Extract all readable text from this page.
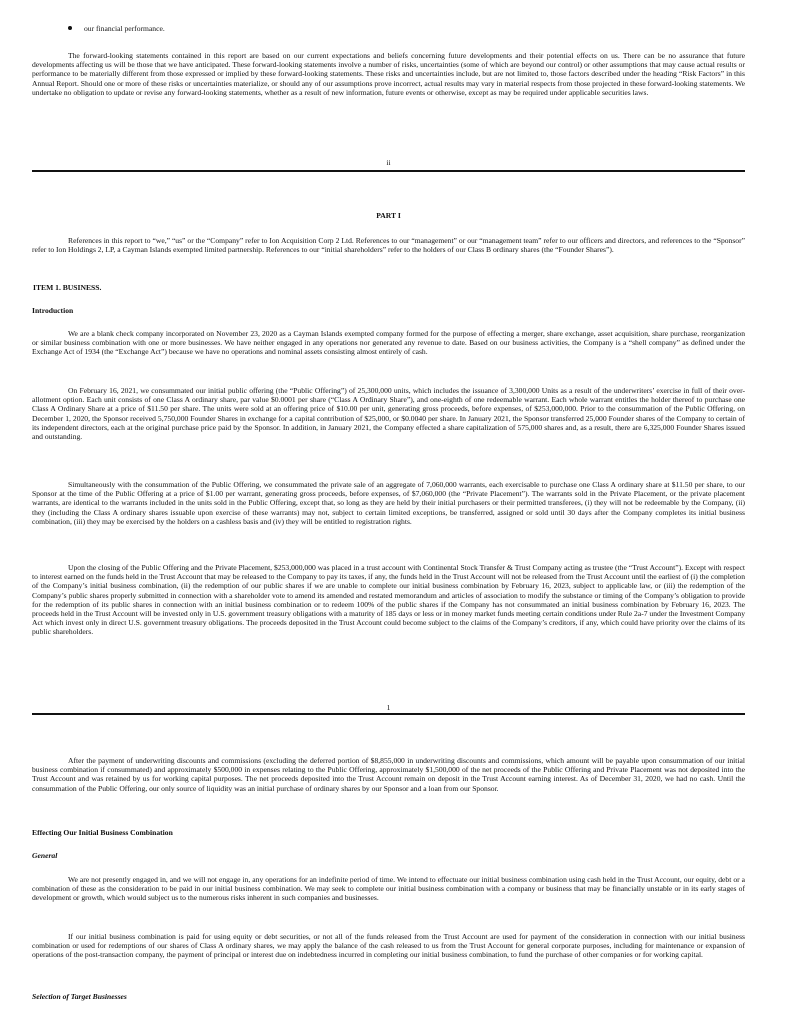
our financial performance.

The forward-looking statements contained in this report are based on our current expectations and beliefs concerning future developments and their potential effects on us. There can be no assurance that future developments affecting us will be those that we have anticipated. These forward-looking statements involve a number of risks, uncertainties (some of which are beyond our control) or other assumptions that may cause actual results or performance to be materially different from those expressed or implied by these forward-looking statements. These risks and uncertainties include, but are not limited to, those factors described under the heading “Risk Factors” in this Annual Report. Should one or more of these risks or uncertainties materialize, or should any of our assumptions prove incorrect, actual results may vary in material respects from those projected in these forward-looking statements. We undertake no obligation to update or revise any forward-looking statements, whether as a result of new information, future events or otherwise, except as may be required under applicable securities laws.

ii
PART I

References in this report to “we,” “us” or the “Company” refer to Ion Acquisition Corp 2 Ltd. References to our “management” or our “management team” refer to our officers and directors, and references to the “Sponsor” refer to Ion Holdings 2, LP, a Cayman Islands exempted limited partnership. References to our “initial shareholders” refer to the holders of our Class B ordinary shares (the “Founder Shares”).

ITEM 1. BUSINESS.
Introduction

We are a blank check company incorporated on November 23, 2020 as a Cayman Islands exempted company formed for the purpose of effecting a merger, share exchange, asset acquisition, share purchase, reorganization or similar business combination with one or more businesses. We have neither engaged in any operations nor generated any revenue to date. Based on our business activities, the Company is a “shell company” as defined under the Exchange Act of 1934 (the “Exchange Act”) because we have no operations and nominal assets consisting almost entirely of cash.

On February 16, 2021, we consummated our initial public offering (the “Public Offering”) of 25,300,000 units, which includes the issuance of 3,300,000 Units as a result of the underwriters’ exercise in full of their over-allotment option. Each unit consists of one Class A ordinary share, par value $0.0001 per share (“Class A Ordinary Share”), and one-eighth of one redeemable warrant. Each whole warrant entitles the holder thereof to purchase one Class A Ordinary Share at a price of $11.50 per share. The units were sold at an offering price of $10.00 per unit, generating gross proceeds, before expenses, of $253,000,000. Prior to the consummation of the Public Offering, on December 1, 2020, the Sponsor received 5,750,000 Founder Shares in exchange for a capital contribution of $25,000, or $0.0040 per share. In January 2021, the Sponsor transferred 25,000 Founder shares of the Company to certain of its independent directors, each at the original purchase price paid by the Sponsor. In addition, in January 2021, the Company effected a share capitalization of 575,000 shares and, as a result, there are 6,325,000 Founder Shares issued and outstanding.

Simultaneously with the consummation of the Public Offering, we consummated the private sale of an aggregate of 7,060,000 warrants, each exercisable to purchase one Class A ordinary share at $11.50 per share, to our Sponsor at the time of the Public Offering at a price of $1.00 per warrant, generating gross proceeds, before expenses, of $7,060,000 (the “Private Placement”). The warrants sold in the Private Placement, or the private placement warrants, are identical to the warrants included in the units sold in the Public Offering, except that, so long as they are held by their initial purchasers or their permitted transferees, (i) they will not be redeemable by the Company, (ii) they (including the Class A ordinary shares issuable upon exercise of these warrants) may not, subject to certain limited exceptions, be transferred, assigned or sold until 30 days after the Company completes its initial business combination, (iii) they may be exercised by the holders on a cashless basis and (iv) they will be entitled to registration rights.

Upon the closing of the Public Offering and the Private Placement, $253,000,000 was placed in a trust account with Continental Stock Transfer & Trust Company acting as trustee (the “Trust Account”). Except with respect to interest earned on the funds held in the Trust Account that may be released to the Company to pay its taxes, if any, the funds held in the Trust Account will not be released from the Trust Account until the earliest of (i) the completion of the Company’s initial business combination, (ii) the redemption of our public shares if we are unable to complete our initial business combination by February 16, 2023, subject to applicable law, or (iii) the redemption of the Company’s public shares properly submitted in connection with a shareholder vote to amend its amended and restated memorandum and articles of association to modify the substance or timing of the Company’s obligation to provide for the redemption of its public shares in connection with an initial business combination or to redeem 100% of the public shares if the Company has not consummated an initial business combination by February 16, 2023. The proceeds held in the Trust Account will be invested only in U.S. government treasury obligations with a maturity of 185 days or less or in money market funds meeting certain conditions under Rule 2a-7 under the Investment Company Act which invest only in direct U.S. government treasury obligations. The proceeds deposited in the Trust Account could become subject to the claims of the Company’s creditors, if any, which could have priority over the claims of its public shareholders.

1

After the payment of underwriting discounts and commissions (excluding the deferred portion of $8,855,000 in underwriting discounts and commissions, which amount will be payable upon consummation of our initial business combination if consummated) and approximately $500,000 in expenses relating to the Public Offering, approximately $1,500,000 of the net proceeds of the Public Offering and Private Placement was not deposited into the Trust Account and was retained by us for working capital purposes. The net proceeds deposited into the Trust Account remain on deposit in the Trust Account earning interest. As of December 31, 2020, we had no cash. Until the consummation of the Public Offering, our only source of liquidity was an initial purchase of ordinary shares by our Sponsor and a loan from our Sponsor.

Effecting Our Initial Business Combination
General

We are not presently engaged in, and we will not engage in, any operations for an indefinite period of time. We intend to effectuate our initial business combination using cash held in the Trust Account, our equity, debt or a combination of these as the consideration to be paid in our initial business combination. We may seek to complete our initial business combination with a company or business that may be financially unstable or in its early stages of development or growth, which would subject us to the numerous risks inherent in such companies and businesses.

If our initial business combination is paid for using equity or debt securities, or not all of the funds released from the Trust Account are used for payment of the consideration in connection with our initial business combination or used for redemptions of our shares of Class A ordinary shares, we may apply the balance of the cash released to us from the Trust Account for general corporate purposes, including for maintenance or expansion of operations of the post-transaction company, the payment of principal or interest due on indebtedness incurred in completing our initial business combination, to fund the purchase of other companies or for working capital.

Selection of Target Businesses
